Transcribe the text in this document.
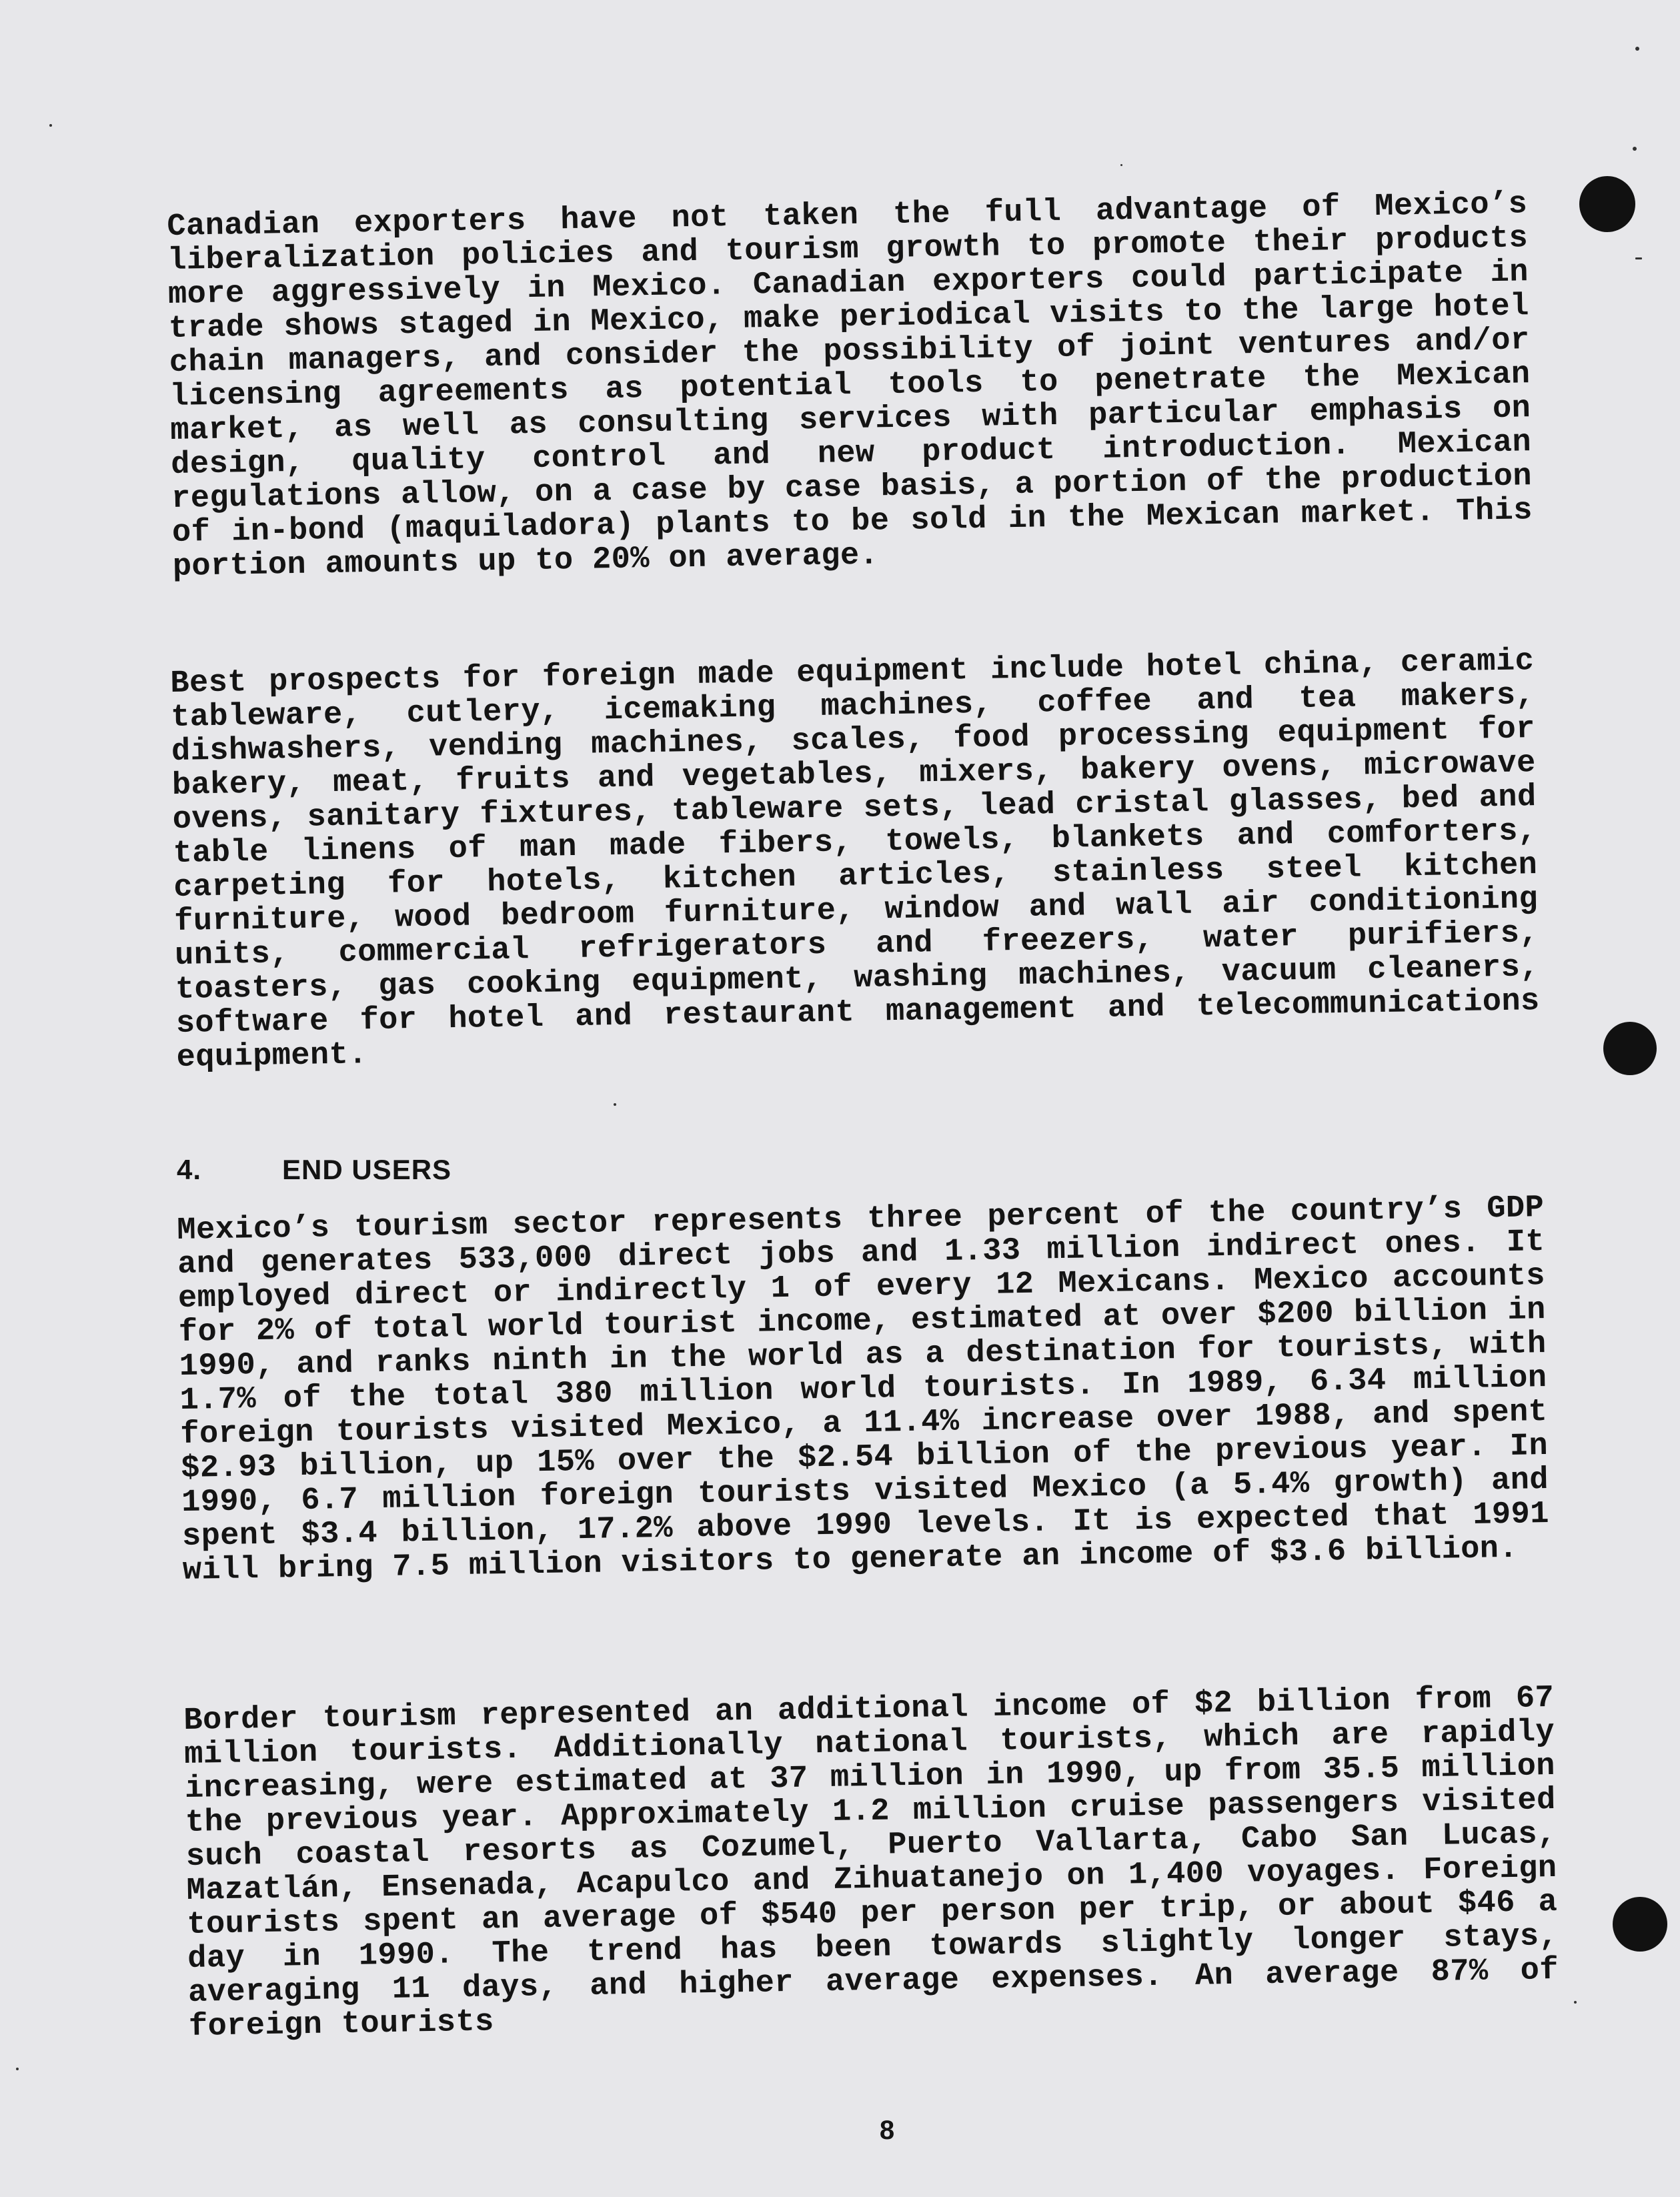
Canadian exporters have not taken the full advantage of Mexico’s liberalization policies and tourism growth to promote their products more aggressively in Mexico. Canadian exporters could participate in trade shows staged in Mexico, make periodical visits to the large hotel chain managers, and consider the possibility of joint ventures and/or licensing agreements as potential tools to penetrate the Mexican market, as well as consulting services with particular emphasis on design, quality control and new product introduction. Mexican regulations allow, on a case by case basis, a portion of the production of in-bond (maquiladora) plants to be sold in the Mexican market. This portion amounts up to 20% on average.

Best prospects for foreign made equipment include hotel china, ceramic tableware, cutlery, icemaking machines, coffee and tea makers, dishwashers, vending machines, scales, food processing equipment for bakery, meat, fruits and vegetables, mixers, bakery ovens, microwave ovens, sanitary fixtures, tableware sets, lead cristal glasses, bed and table linens of man made fibers, towels, blankets and comforters, carpeting for hotels, kitchen articles, stainless steel kitchen furniture, wood bedroom furniture, window and wall air conditioning units, commercial refrigerators and freezers, water purifiers, toasters, gas cooking equipment, washing machines, vacuum cleaners, software for hotel and restaurant management and telecommunications equipment.

4.	END USERS

Mexico’s tourism sector represents three percent of the country’s GDP and generates 533,000 direct jobs and 1.33 million indirect ones. It employed direct or indirectly 1 of every 12 Mexicans. Mexico accounts for 2% of total world tourist income, estimated at over $200 billion in 1990, and ranks ninth in the world as a destination for tourists, with 1.7% of the total 380 million world tourists. In 1989, 6.34 million foreign tourists visited Mexico, a 11.4% increase over 1988, and spent $2.93 billion, up 15% over the $2.54 billion of the previous year. In 1990, 6.7 million foreign tourists visited Mexico (a 5.4% growth) and spent $3.4 billion, 17.2% above 1990 levels. It is expected that 1991 will bring 7.5 million visitors to generate an income of $3.6 billion.

Border tourism represented an additional income of $2 billion from 67 million tourists. Additionally national tourists, which are rapidly increasing, were estimated at 37 million in 1990, up from 35.5 million the previous year. Approximately 1.2 million cruise passengers visited such coastal resorts as Cozumel, Puerto Vallarta, Cabo San Lucas, Mazatlán, Ensenada, Acapulco and Zihuatanejo on 1,400 voyages. Foreign tourists spent an average of $540 per person per trip, or about $46 a day in 1990. The trend has been towards slightly longer stays, averaging 11 days, and higher average expenses. An average 87% of foreign tourists

8
